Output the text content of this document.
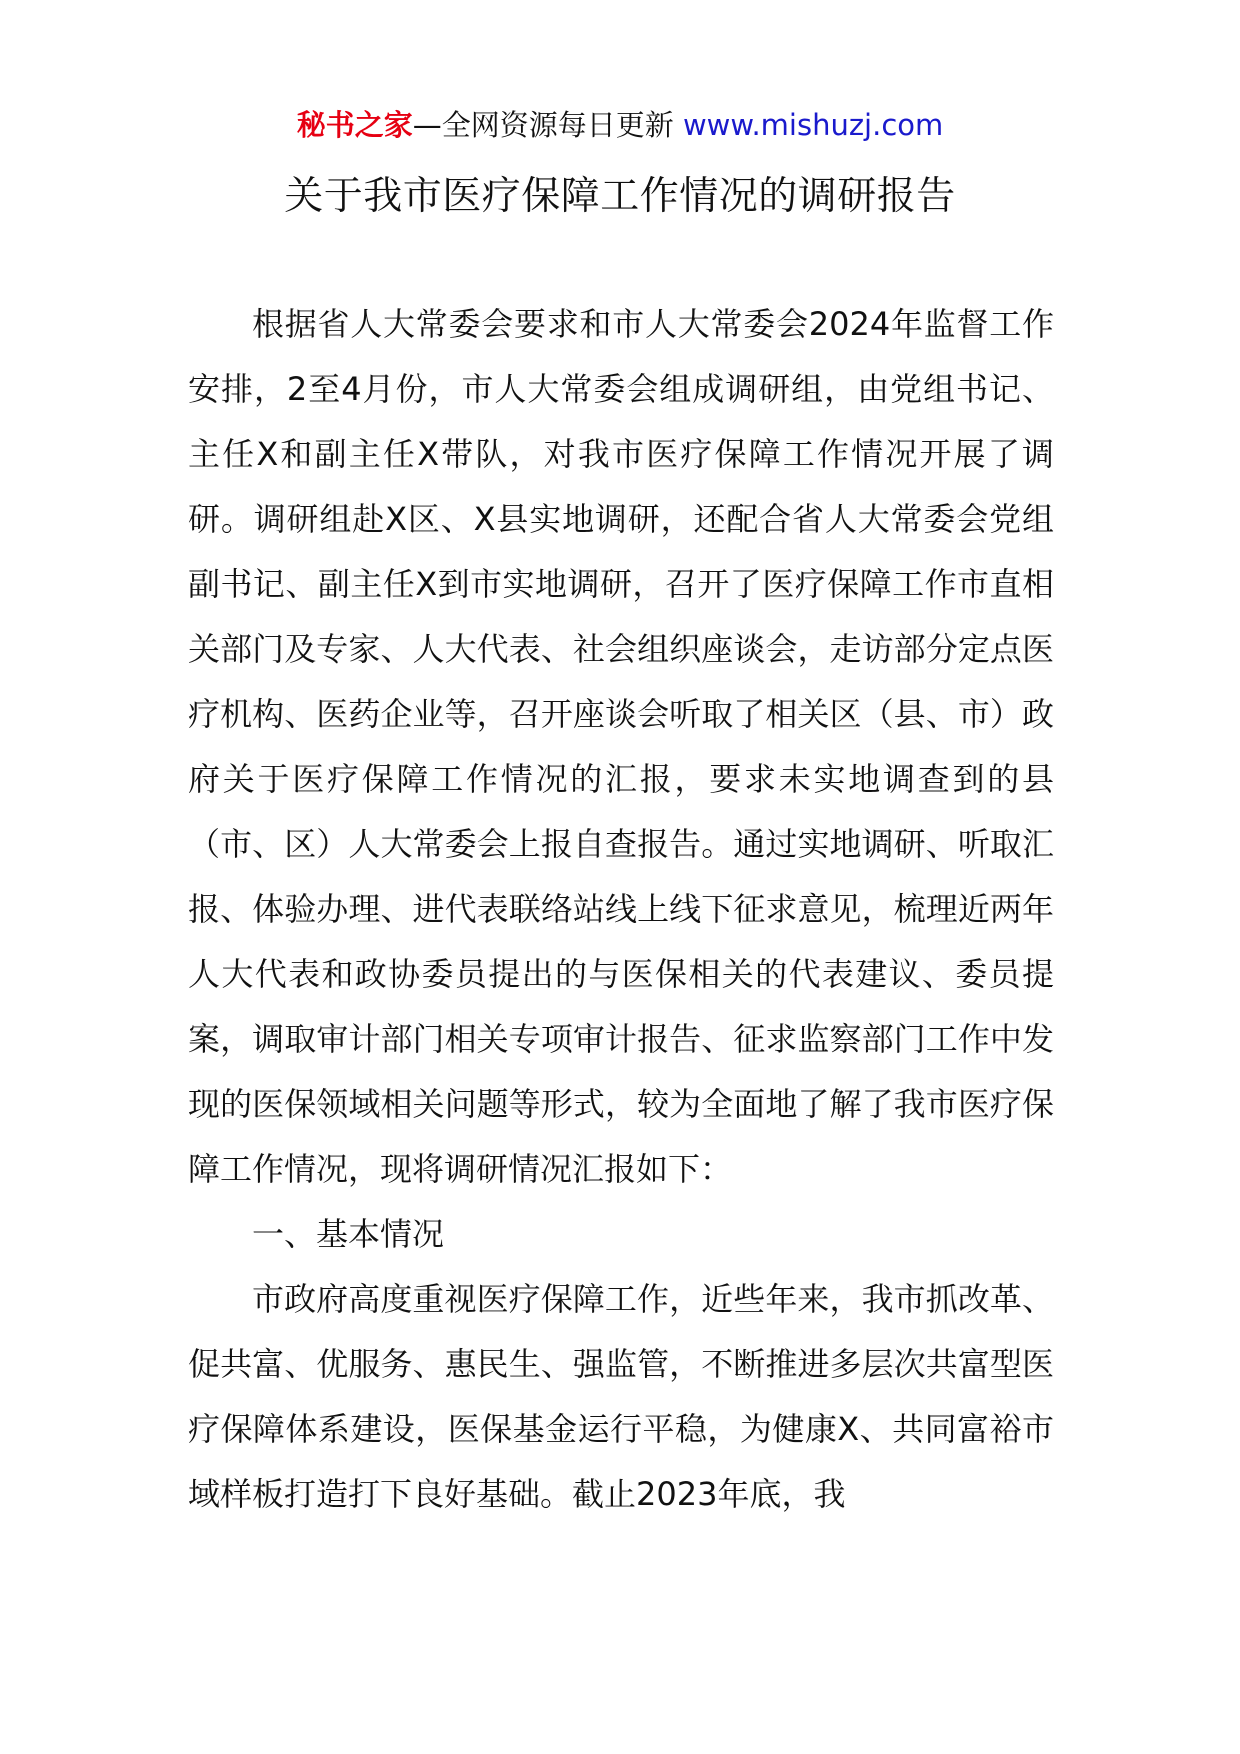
秘书之家—全网资源每日更新 www.mishuzj.com
关于我市医疗保障工作情况的调研报告

根据省人大常委会要求和市人大常委会2024年监督工作安排，2至4月份，市人大常委会组成调研组，由党组书记、主任X和副主任X带队，对我市医疗保障工作情况开展了调研。调研组赴X区、X县实地调研，还配合省人大常委会党组副书记、副主任X到市实地调研，召开了医疗保障工作市直相关部门及专家、人大代表、社会组织座谈会，走访部分定点医疗机构、医药企业等，召开座谈会听取了相关区（县、市）政府关于医疗保障工作情况的汇报，要求未实地调查到的县（市、区）人大常委会上报自查报告。通过实地调研、听取汇报、体验办理、进代表联络站线上线下征求意见，梳理近两年人大代表和政协委员提出的与医保相关的代表建议、委员提案，调取审计部门相关专项审计报告、征求监察部门工作中发现的医保领域相关问题等形式，较为全面地了解了我市医疗保障工作情况，现将调研情况汇报如下：

一、基本情况

市政府高度重视医疗保障工作，近些年来，我市抓改革、促共富、优服务、惠民生、强监管，不断推进多层次共富型医疗保障体系建设，医保基金运行平稳，为健康X、共同富裕市域样板打造打下良好基础。截止2023年底，我
